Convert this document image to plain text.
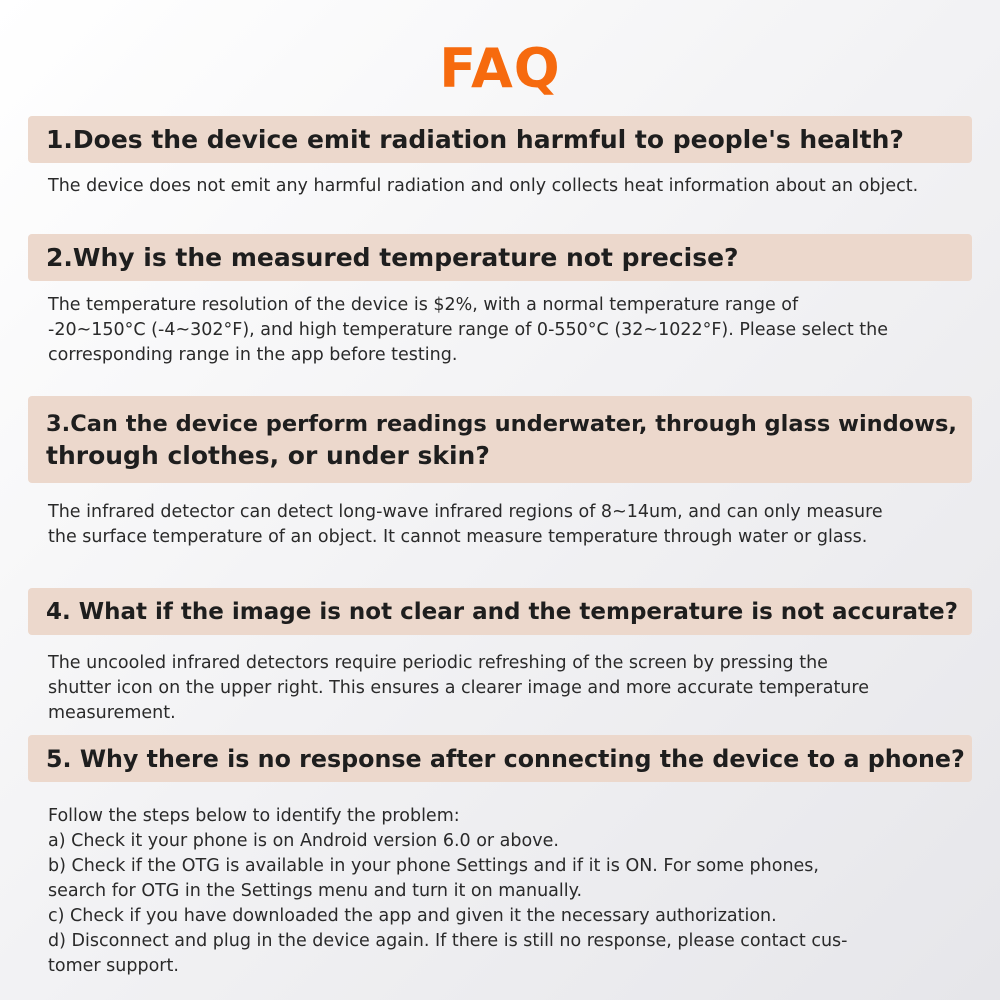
FAQ
1.Does the device emit radiation harmful to people's health?

The device does not emit any harmful radiation and only collects heat information about an object.

2.Why is the measured temperature not precise?

The temperature resolution of the device is $2%, with a normal temperature range of
-20~150°C (-4~302°F), and high temperature range of 0-550°C (32~1022°F). Please select the
corresponding range in the app before testing.

3.Can the device perform readings underwater, through glass windows,
through clothes, or under skin?

The infrared detector can detect long-wave infrared regions of 8~14um, and can only measure
the surface temperature of an object. It cannot measure temperature through water or glass.

4. What if the image is not clear and the temperature is not accurate?

The uncooled infrared detectors require periodic refreshing of the screen by pressing the
shutter icon on the upper right. This ensures a clearer image and more accurate temperature
measurement.

5. Why there is no response after connecting the device to a phone?

Follow the steps below to identify the problem:
a) Check it your phone is on Android version 6.0 or above.
b) Check if the OTG is available in your phone Settings and if it is ON. For some phones,
search for OTG in the Settings menu and turn it on manually.
c) Check if you have downloaded the app and given it the necessary authorization.
d) Disconnect and plug in the device again. If there is still no response, please contact cus-
tomer support.
